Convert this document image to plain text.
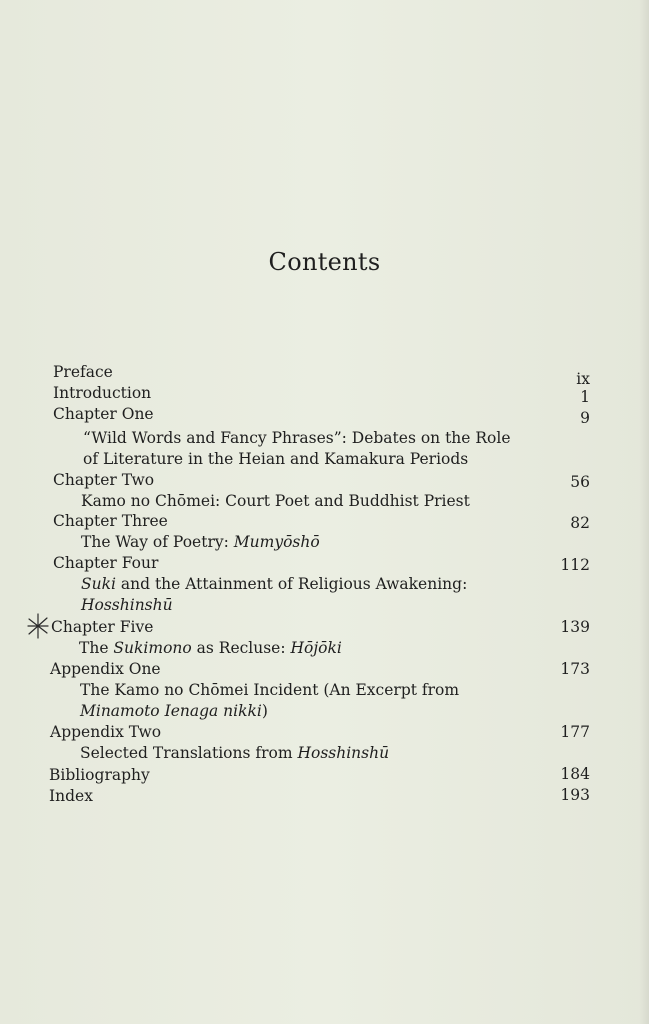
Contents
Preface	ix
Introduction	1
Chapter One	9
“Wild Words and Fancy Phrases”: Debates on the Role
of Literature in the Heian and Kamakura Periods
Chapter Two	56
Kamo no Chōmei: Court Poet and Buddhist Priest
Chapter Three	82
The Way of Poetry: Mumyōshō
Chapter Four	112
Suki and the Attainment of Religious Awakening:
Hosshinshū
Chapter Five	139
The Sukimono as Recluse: Hōjōki
Appendix One	173
The Kamo no Chōmei Incident (An Excerpt from
Minamoto Ienaga nikki)
Appendix Two	177
Selected Translations from Hosshinshū
Bibliography	184
Index	193
